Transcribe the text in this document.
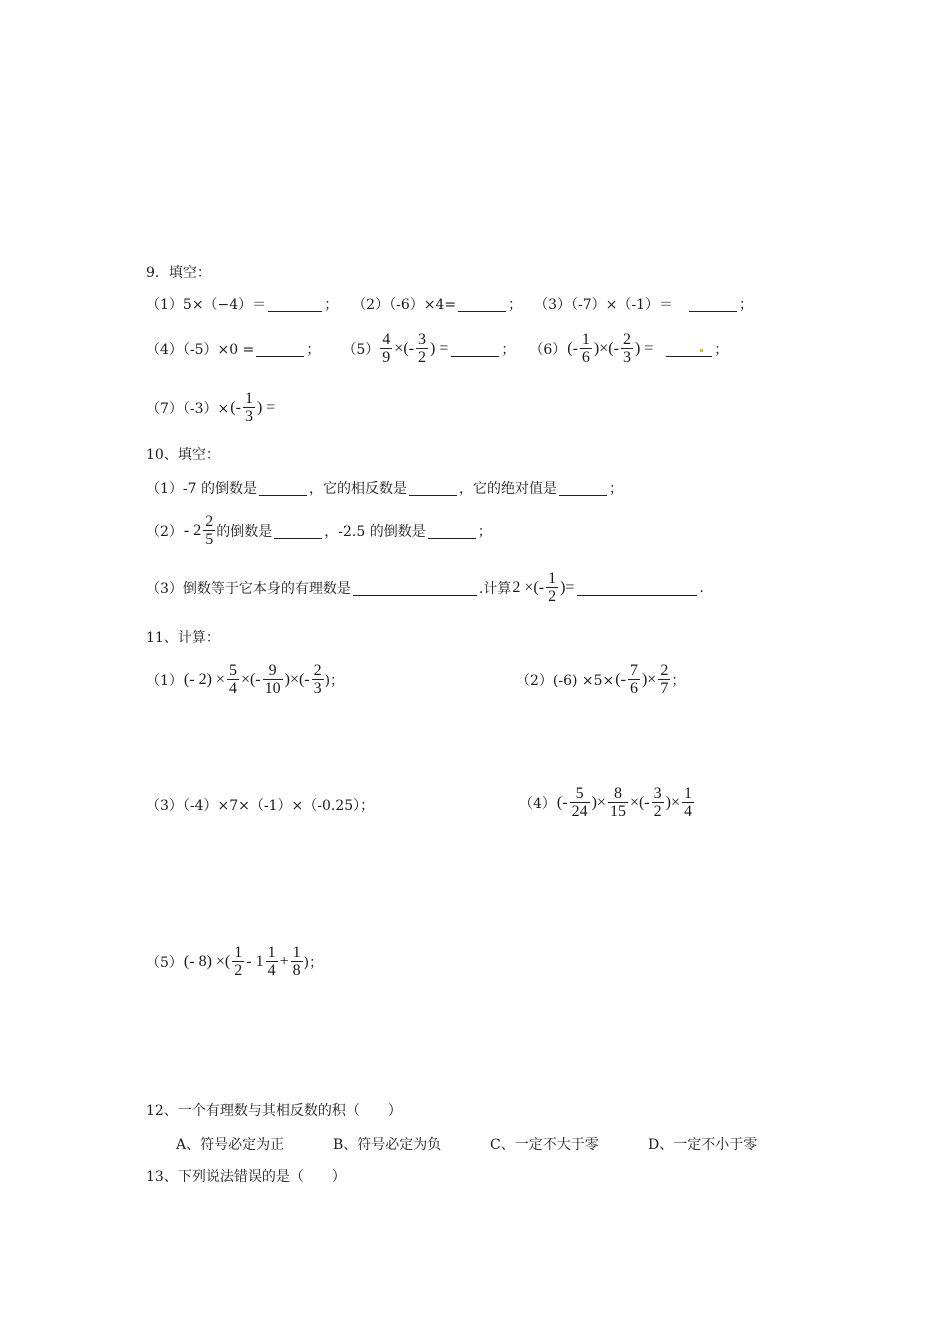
9．填空：
（1）5×（−4）＝	； （2）（-6）×4=	； （3）（-7）×（-1）＝	；
（4）（-5）×0 =	； $(5) \frac{4}{9}$ ×(- $\frac{3}{2}$ ) =	； （6） (- $\frac{1}{6}$ )×(- $\frac{2}{3}$ ) =	；
（7）（-3）× (- $\frac{1}{3}$ ) =
10、填空：
（1）-7 的倒数是	，它的相反数是	，它的绝对值是	；
$(2) - 2 \frac{2}{5}$ 的倒数是	，-2.5 的倒数是	；
（3）倒数等于它本身的有理数是	.计算 2 ×(- $\frac{1}{2}$ )=	.
11、计算：
（1） (- $2) \times \frac{5}{4}$ ×(- $\frac{9}{10}$ )×(- $\frac{2}{3}$ )；	（2）(-6) ×5× (- $\frac{7}{6}$ )× $\frac{2}{7}$ ；
（3）（-4）×7×（-1）×（-0.25）；	（4） (- $\frac{5}{24}$ )× $\frac{8}{15}$ ×(- $\frac{3}{2}$ )× $\frac{1}{4}$
（5） (- 8) ×( $\frac{1}{2} - 1 \frac{1}{4} + \frac{1}{8}$ )；
12、一个有理数与其相反数的积（　　）
A、符号必定为正	B、符号必定为负	C、一定不大于零	D、一定不小于零
13、下列说法错误的是（　　）
